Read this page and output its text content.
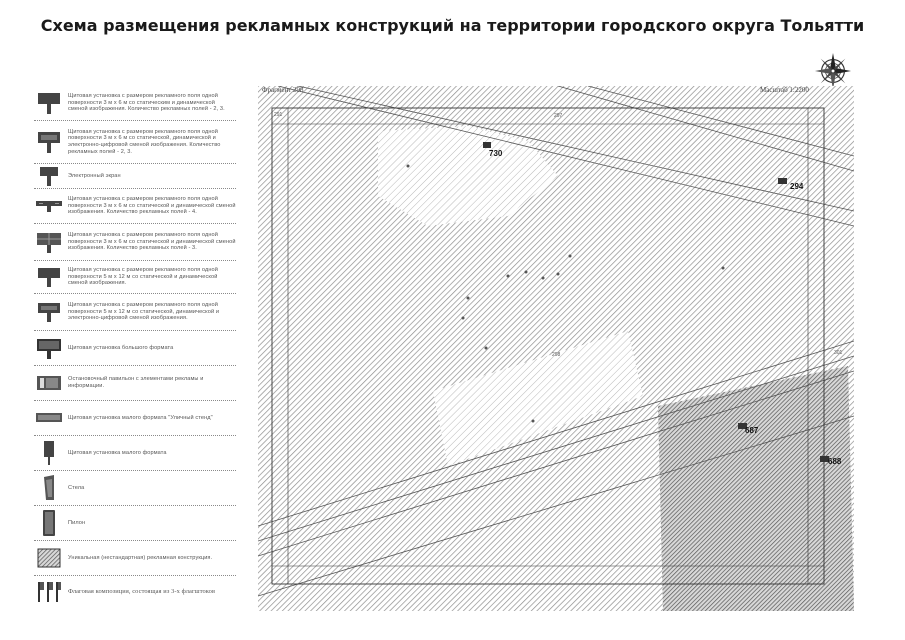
Схема размещения рекламных конструкций на территории городского округа Тольятти
Щитовая установка с размером рекламного поля одной поверхности 3 м х 6 м со статическим и динамической сменой изображения. Количество рекламных полей - 2, 3.
Щитовая установка с размером рекламного поля одной поверхности 3 м х 6 м со статической, динамической и электронно-цифровой сменой изображения. Количество рекламных полей - 2, 3.
Электронный экран
Щитовая установка с размером рекламного поля одной поверхности 3 м х 6 м со статической и динамической сменой изображения. Количество рекламных полей - 4.
Щитовая установка с размером рекламного поля одной поверхности 3 м х 6 м со статической и динамической сменой изображения. Количество рекламных полей - 3.
Щитовая установка с размером рекламного поля одной поверхности 5 м х 12 м со статической и динамической сменой изображения.
Щитовая установка с размером рекламного поля одной поверхности 5 м х 12 м со статической, динамической и электронно-цифровой сменой изображения.
Щитовая установка большого формата
Остановочный павильон с элементами рекламы и информации.
Щитовая установка малого формата "Уличный стенд"
Щитовая установка малого формата
Стела
Пилон
Уникальная (нестандартная) рекламная конструкция.
Флаговая композиция, состоящая из 3-х флагштоков
Фрагмент 298	Масштаб 1:2200
291	297
298	301
730
294
687
688
